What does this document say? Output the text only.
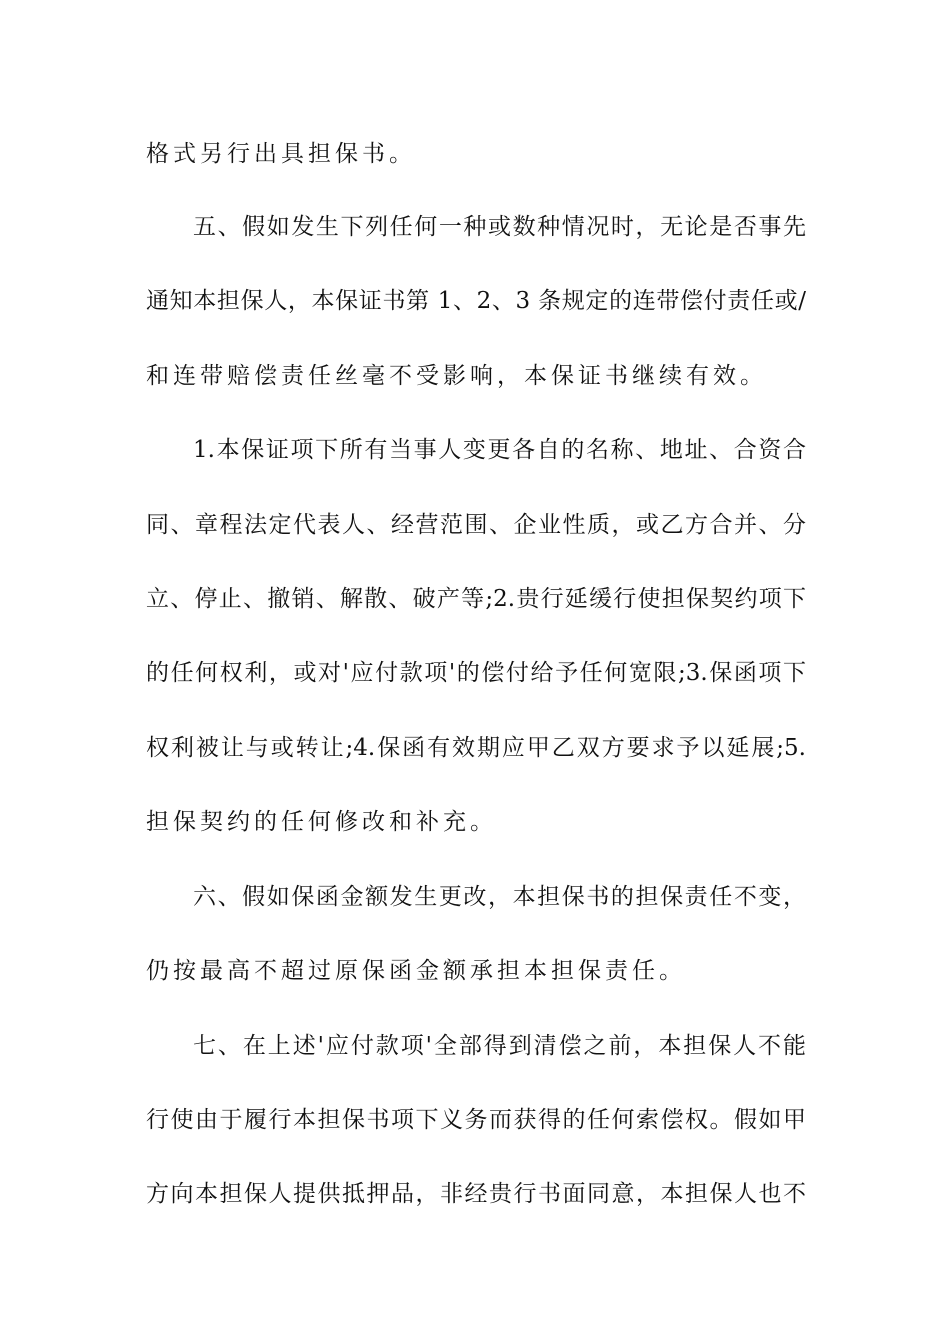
格式另行出具担保书。
五、假如发生下列任何一种或数种情况时，无论是否事先
通知本担保人，本保证书第 1、2、3 条规定的连带偿付责任或/
和连带赔偿责任丝毫不受影响，本保证书继续有效。
1.本保证项下所有当事人变更各自的名称、地址、合资合
同、章程法定代表人、经营范围、企业性质，或乙方合并、分
立、停止、撤销、解散、破产等;2.贵行延缓行使担保契约项下
的任何权利，或对'应付款项'的偿付给予任何宽限;3.保函项下
权利被让与或转让;4.保函有效期应甲乙双方要求予以延展;5.
担保契约的任何修改和补充。
六、假如保函金额发生更改，本担保书的担保责任不变，
仍按最高不超过原保函金额承担本担保责任。
七、在上述'应付款项'全部得到清偿之前，本担保人不能
行使由于履行本担保书项下义务而获得的任何索偿权。假如甲
方向本担保人提供抵押品，非经贵行书面同意，本担保人也不
